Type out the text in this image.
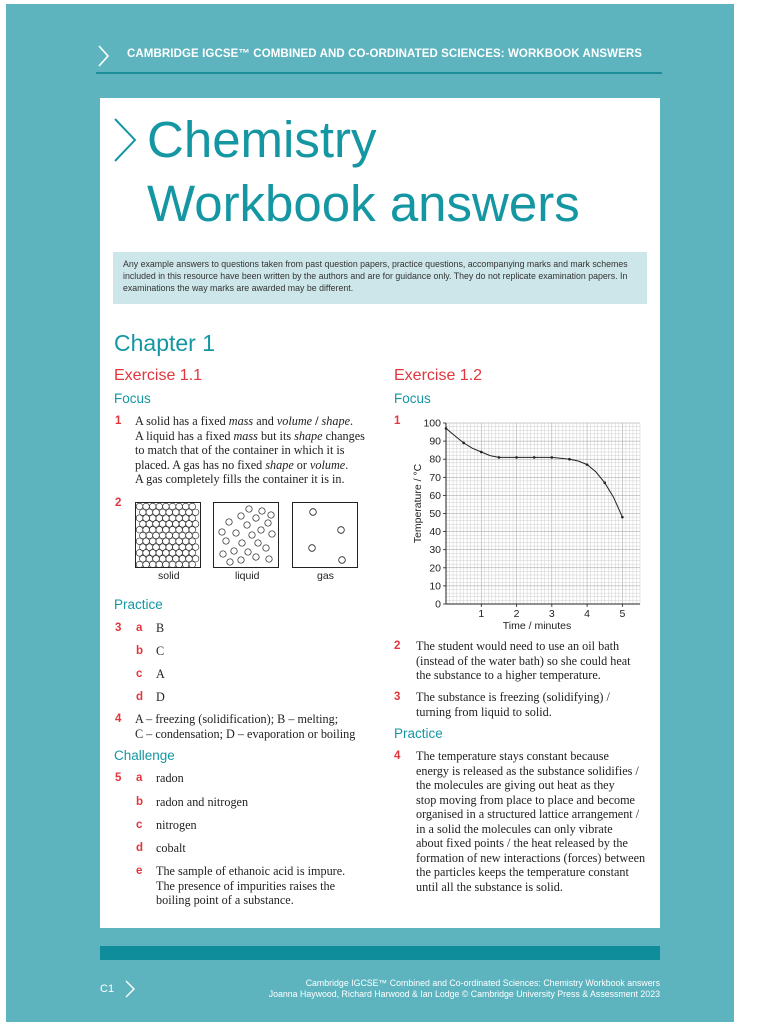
CAMBRIDGE IGCSE™ COMBINED AND CO-ORDINATED SCIENCES: WORKBOOK ANSWERS
Chemistry
Workbook answers
Any example answers to questions taken from past question papers, practice questions, accompanying marks and mark schemes included in this resource have been written by the authors and are for guidance only. They do not replicate examination papers. In examinations the way marks are awarded may be different.
Chapter 1
Exercise 1.1
Focus
1 A solid has a fixed mass and volume / shape.
A liquid has a fixed mass but its shape changes
to match that of the container in which it is
placed. A gas has no fixed shape or volume.
A gas completely fills the container it is in.
2
solid	liquid	gas
Practice
3 a B
b C
c A
d D
4 A – freezing (solidification); B – melting;
C – condensation; D – evaporation or boiling
Challenge
5 a radon
b radon and nitrogen
c nitrogen
d cobalt
e The sample of ethanoic acid is impure.
The presence of impurities raises the
boiling point of a substance.
Exercise 1.2
Focus
1
0
10
20
30
40
50
60
70
80
90
100
1	2	3	4	5
Time / minutes
Temperature / °C
2 The student would need to use an oil bath
(instead of the water bath) so she could heat
the substance to a higher temperature.
3 The substance is freezing (solidifying) /
turning from liquid to solid.
Practice
4 The temperature stays constant because
energy is released as the substance solidifies /
the molecules are giving out heat as they
stop moving from place to place and become
organised in a structured lattice arrangement /
in a solid the molecules can only vibrate
about fixed points / the heat released by the
formation of new interactions (forces) between
the particles keeps the temperature constant
until all the substance is solid.
C1	Cambridge IGCSE™ Combined and Co-ordinated Sciences: Chemistry Workbook answers
Joanna Haywood, Richard Harwood & Ian Lodge © Cambridge University Press & Assessment 2023
